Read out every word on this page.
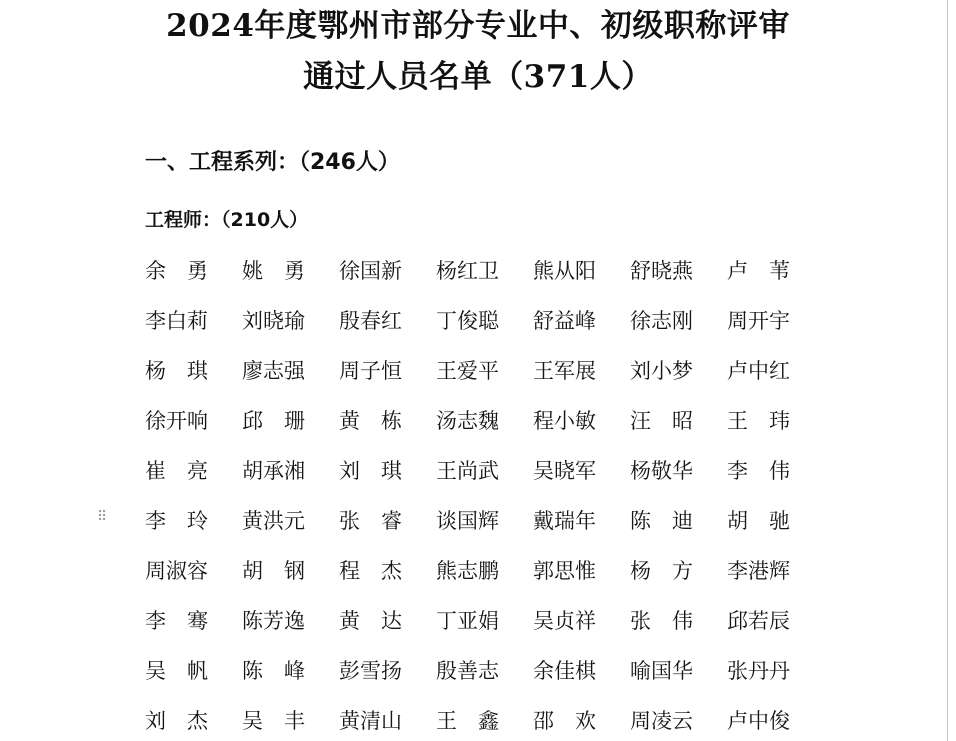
2024年度鄂州市部分专业中、初级职称评审
通过人员名单（371人）
一、工程系列：（246人）
工程师：（210人）
⠿
余　勇	姚　勇	徐国新	杨红卫	熊从阳	舒晓燕	卢　苇
李白莉	刘晓瑜	殷春红	丁俊聪	舒益峰	徐志刚	周开宇
杨　琪	廖志强	周子恒	王爱平	王军展	刘小梦	卢中红
徐开响	邱　珊	黄　栋	汤志魏	程小敏	汪　昭	王　玮
崔　亮	胡承湘	刘　琪	王尚武	吴晓军	杨敬华	李　伟
李　玲	黄洪元	张　睿	谈国辉	戴瑞年	陈　迪	胡　驰
周淑容	胡　钢	程　杰	熊志鹏	郭思惟	杨　方	李港辉
李　骞	陈芳逸	黄　达	丁亚娟	吴贞祥	张　伟	邱若辰
吴　帆	陈　峰	彭雪扬	殷善志	余佳棋	喻国华	张丹丹
刘　杰	吴　丰	黄清山	王　鑫	邵　欢	周凌云	卢中俊
